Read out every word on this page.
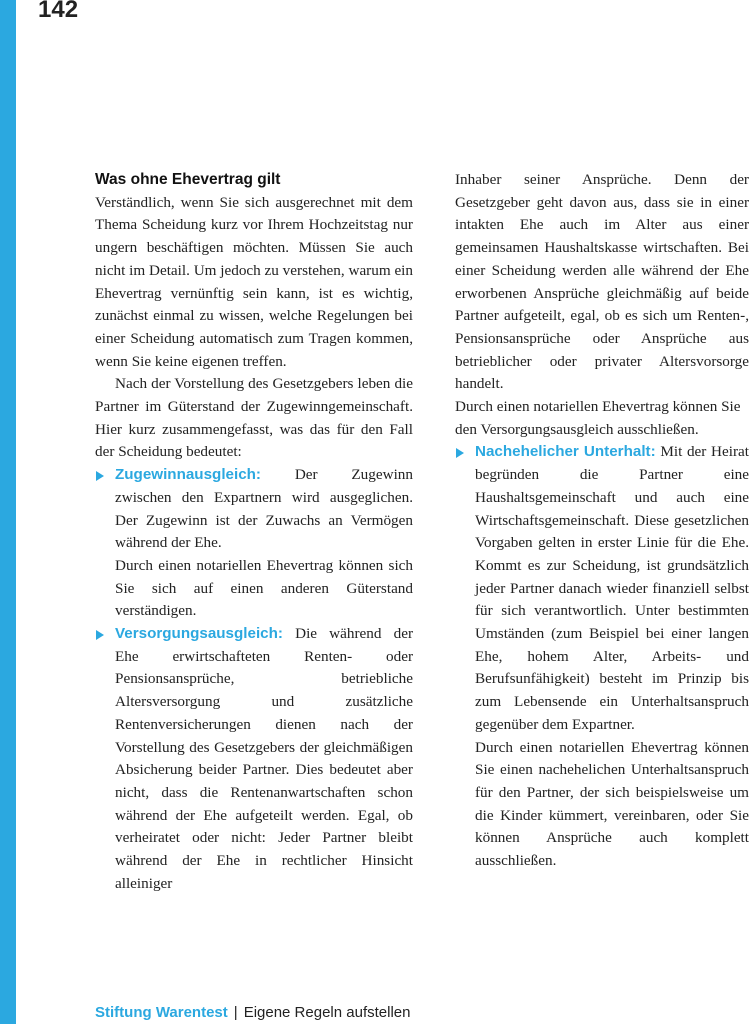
142
Was ohne Ehevertrag gilt

Verständlich, wenn Sie sich ausgerechnet mit dem Thema Scheidung kurz vor Ihrem Hochzeitstag nur ungern beschäftigen möchten. Müssen Sie auch nicht im Detail. Um jedoch zu verstehen, warum ein Ehevertrag vernünftig sein kann, ist es wichtig, zunächst einmal zu wissen, welche Regelungen bei einer Scheidung automatisch zum Tragen kommen, wenn Sie keine eigenen treffen.

Nach der Vorstellung des Gesetzgebers leben die Partner im Güterstand der Zugewinngemeinschaft. Hier kurz zusammengefasst, was das für den Fall der Scheidung bedeutet:

Zugewinnausgleich: Der Zugewinn zwischen den Expartnern wird ausgeglichen. Der Zugewinn ist der Zuwachs an Vermögen während der Ehe.

Durch einen notariellen Ehevertrag können sich Sie sich auf einen anderen Güterstand verständigen.

Versorgungsausgleich: Die während der Ehe erwirtschafteten Renten- oder Pensionsansprüche, betriebliche Altersversorgung und zusätzliche Rentenversicherungen dienen nach der Vorstellung des Gesetzgebers der gleichmäßigen Absicherung beider Partner. Dies bedeutet aber nicht, dass die Rentenanwartschaften schon während der Ehe aufgeteilt werden. Egal, ob verheiratet oder nicht: Jeder Partner bleibt während der Ehe in rechtlicher Hinsicht alleiniger

Inhaber seiner Ansprüche. Denn der Gesetzgeber geht davon aus, dass sie in einer intakten Ehe auch im Alter aus einer gemeinsamen Haushaltskasse wirtschaften. Bei einer Scheidung werden alle während der Ehe erworbenen Ansprüche gleichmäßig auf beide Partner aufgeteilt, egal, ob es sich um Renten-, Pensionsansprüche oder Ansprüche aus betrieblicher oder privater Altersvorsorge handelt.

Durch einen notariellen Ehevertrag können Sie den Versorgungsausgleich ausschließen.

Nachehelicher Unterhalt: Mit der Heirat begründen die Partner eine Haushaltsgemeinschaft und auch eine Wirtschaftsgemeinschaft. Diese gesetzlichen Vorgaben gelten in erster Linie für die Ehe. Kommt es zur Scheidung, ist grundsätzlich jeder Partner danach wieder finanziell selbst für sich verantwortlich. Unter bestimmten Umständen (zum Beispiel bei einer langen Ehe, hohem Alter, Arbeits- und Berufsunfähigkeit) besteht im Prinzip bis zum Lebensende ein Unterhaltsanspruch gegenüber dem Expartner.

Durch einen notariellen Ehevertrag können Sie einen nachehelichen Unterhaltsanspruch für den Partner, der sich beispielsweise um die Kinder kümmert, vereinbaren, oder Sie können Ansprüche auch komplett ausschließen.

Stiftung Warentest | Eigene Regeln aufstellen
